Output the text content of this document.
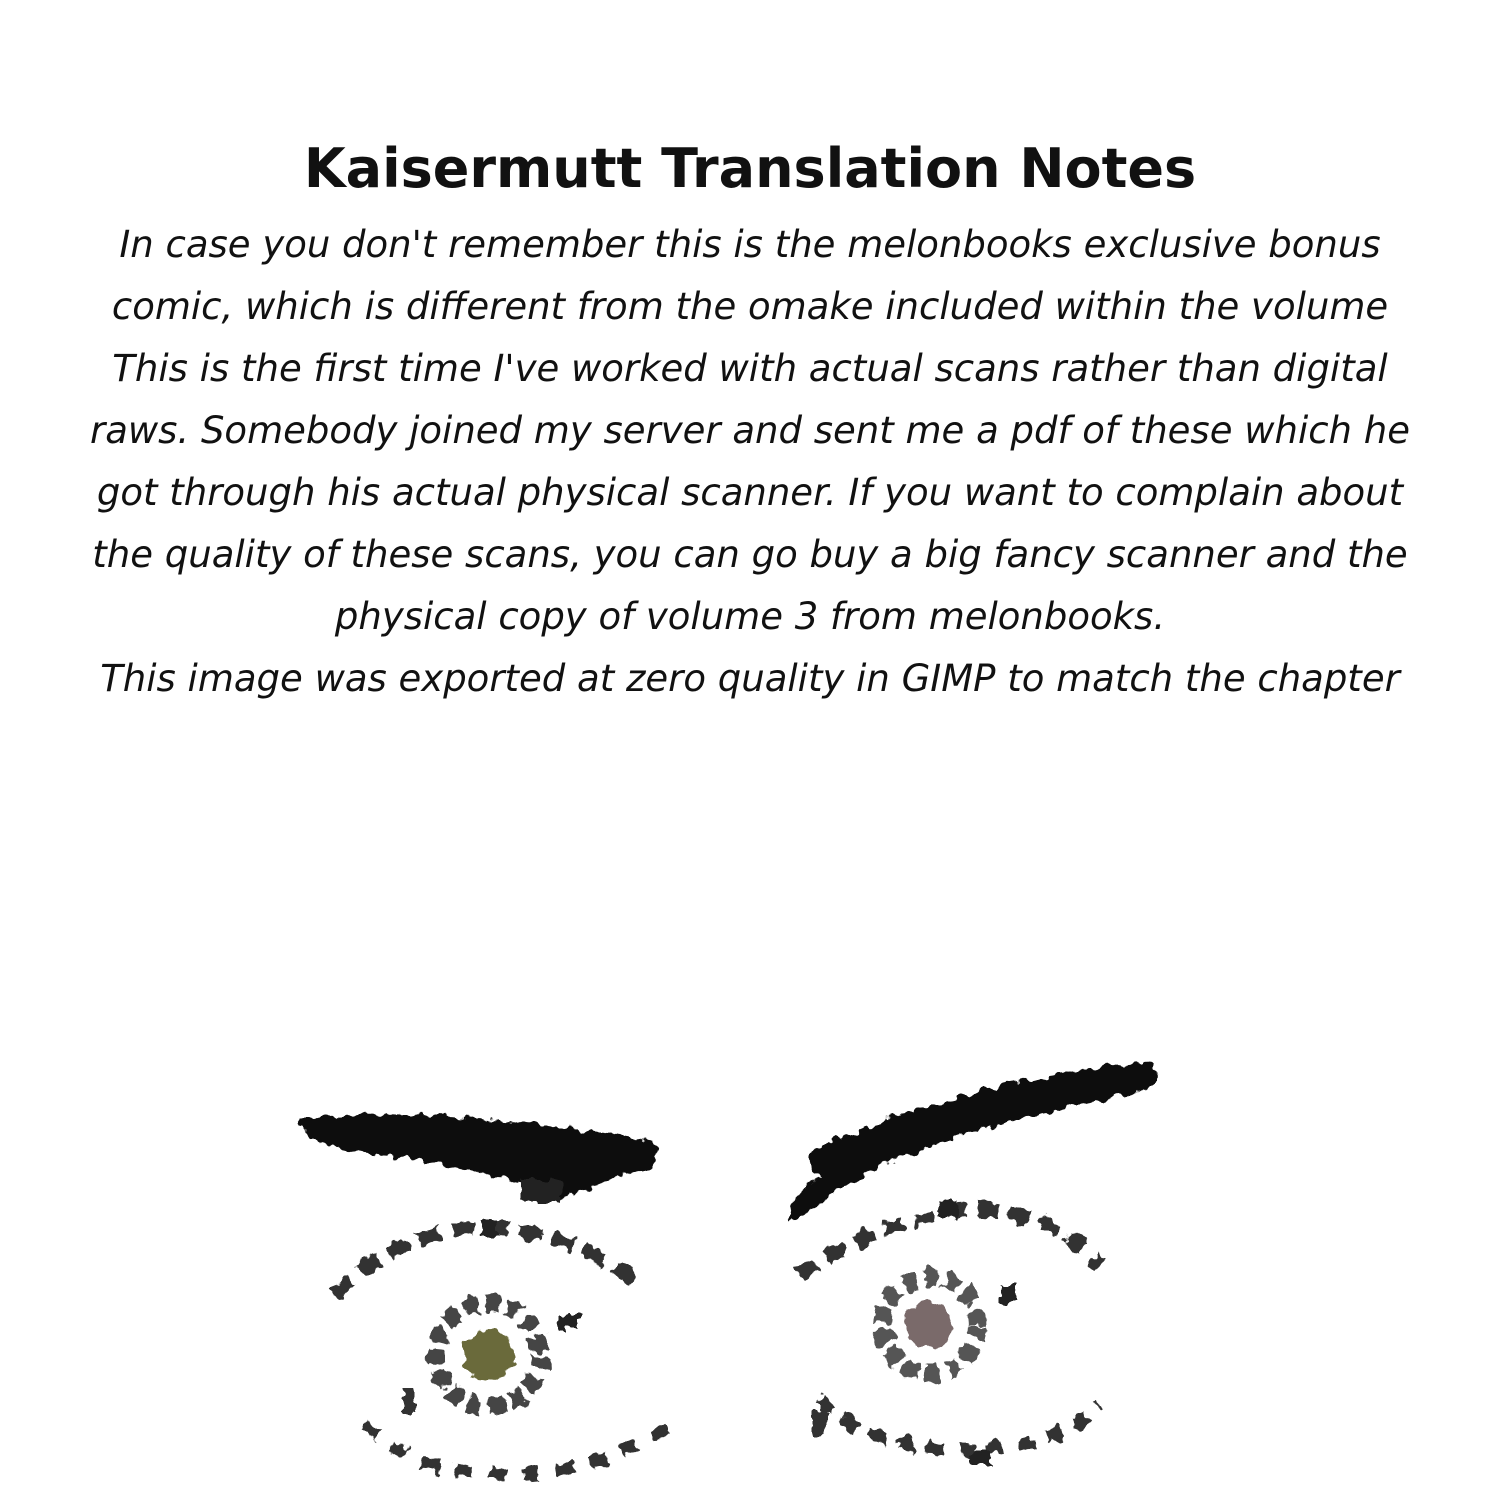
Kaisermutt Translation Notes

In case you don't remember this is the melonbooks exclusive bonus comic, which is different from the omake included within the volume

This is the first time I've worked with actual scans rather than digital raws. Somebody joined my server and sent me a pdf of these which he got through his actual physical scanner. If you want to complain about the quality of these scans, you can go buy a big fancy scanner and the physical copy of volume 3 from melonbooks.

This image was exported at zero quality in GIMP to match the chapter
